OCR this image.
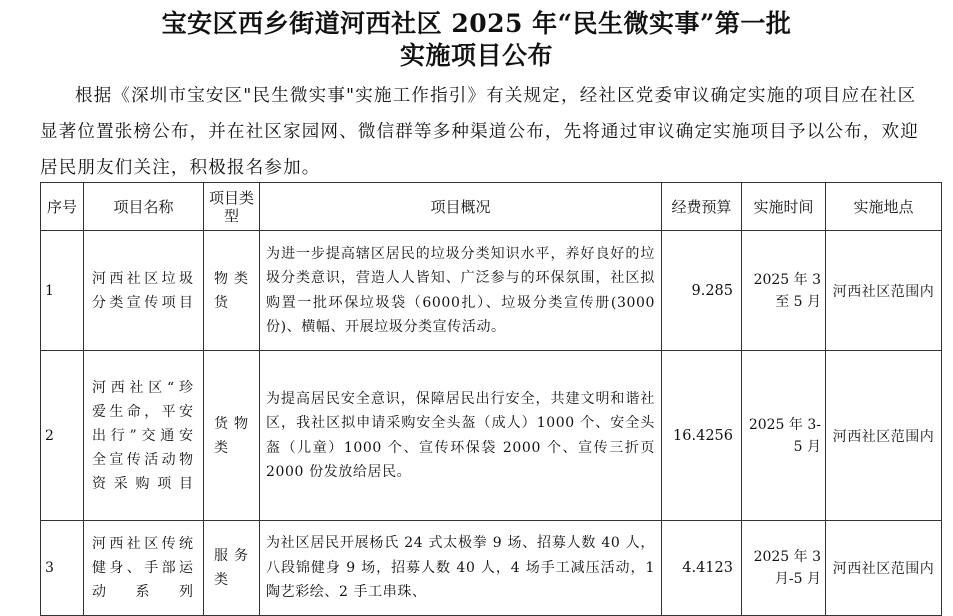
宝安区西乡街道河西社区 2025 年“民生微实事”第一批
实施项目公布

根据《深圳市宝安区"民生微实事"实施工作指引》有关规定，经社区党委审议确定实施的项目应在社区显著位置张榜公布，并在社区家园网、微信群等多种渠道公布，先将通过审议确定实施项目予以公布，欢迎居民朋友们关注，积极报名参加。

序号	项目名称	项目类型	项目概况	经费预算	实施时间	实施地点
1	河西社区垃圾分类宣传项目	物类货	为进一步提高辖区居民的垃圾分类知识水平，养好良好的垃圾分类意识，营造人人皆知、广泛参与的环保氛围，社区拟购置一批环保垃圾袋（6000扎）、垃圾分类宣传册(3000份)、横幅、开展垃圾分类宣传活动。	9.285	2025 年 3 至 5 月	河西社区范围内
2	河西社区“珍爱生命，平安出行”交通安全宣传活动物资采购项目	货物类	为提高居民安全意识，保障居民出行安全，共建文明和谐社区，我社区拟申请采购安全头盔（成人）1000 个、安全头盔（儿童）1000 个、宣传环保袋 2000 个、宣传三折页 2000 份发放给居民。	16.4256	2025 年 3-5 月	河西社区范围内
3	河西社区传统健身、手部运动系列	服务类	为社区居民开展杨氏 24 式太极拳 9 场、招募人数 40 人，八段锦健身 9 场，招募人数 40 人，4 场手工减压活动，1 陶艺彩绘、2 手工串珠、	4.4123	2025 年 3 月-5 月	河西社区范围内
